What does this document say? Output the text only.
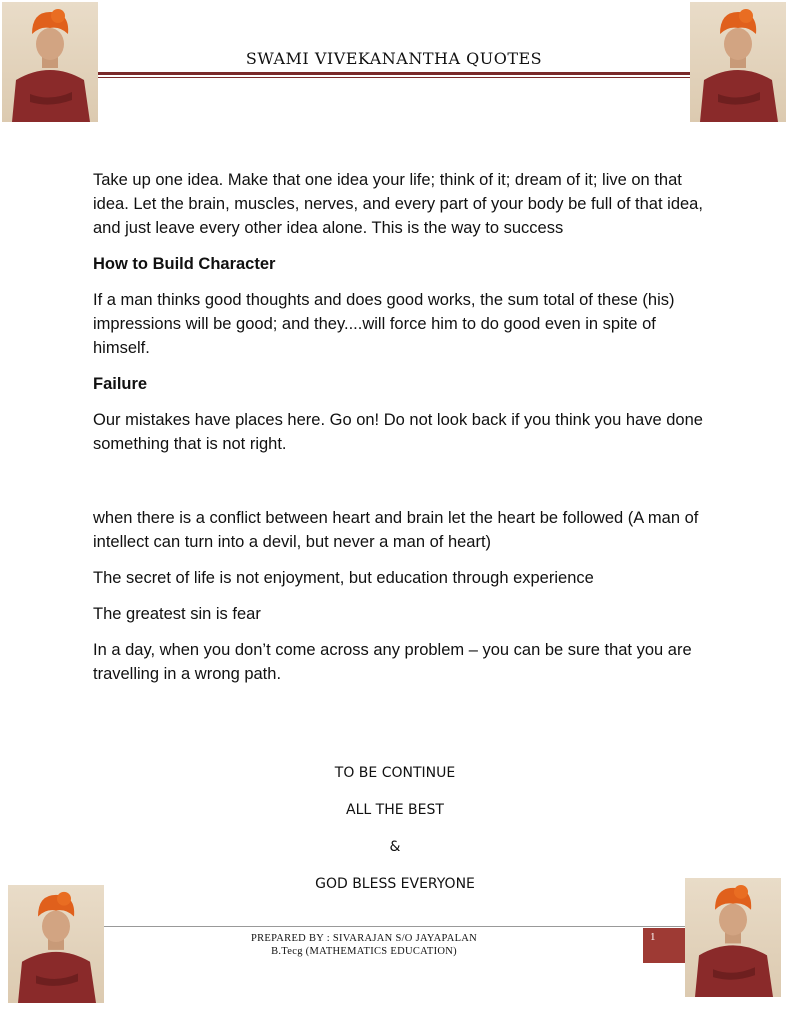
SWAMI VIVEKANANTHA QUOTES

Take up one idea. Make that one idea your life; think of it; dream of it; live on that idea. Let the brain, muscles, nerves, and every part of your body be full of that idea, and just leave every other idea alone. This is the way to success

How to Build Character

If a man thinks good thoughts and does good works, the sum total of these (his) impressions will be good; and they....will force him to do good even in spite of himself.

Failure

Our mistakes have places here. Go on! Do not look back if you think you have done something that is not right.

when there is a conflict between heart and brain let the heart be followed (A man of intellect can turn into a devil, but never a man of heart)

The secret of life is not enjoyment, but education through experience

The greatest sin is fear

In a day, when you don’t come across any problem – you can be sure that you are travelling in a wrong path.

TO BE CONTINUE
ALL THE BEST
&
GOD BLESS EVERYONE
PREPARED BY : SIVARAJAN S/O JAYAPALAN
B.Tecg (MATHEMATICS EDUCATION)
1
